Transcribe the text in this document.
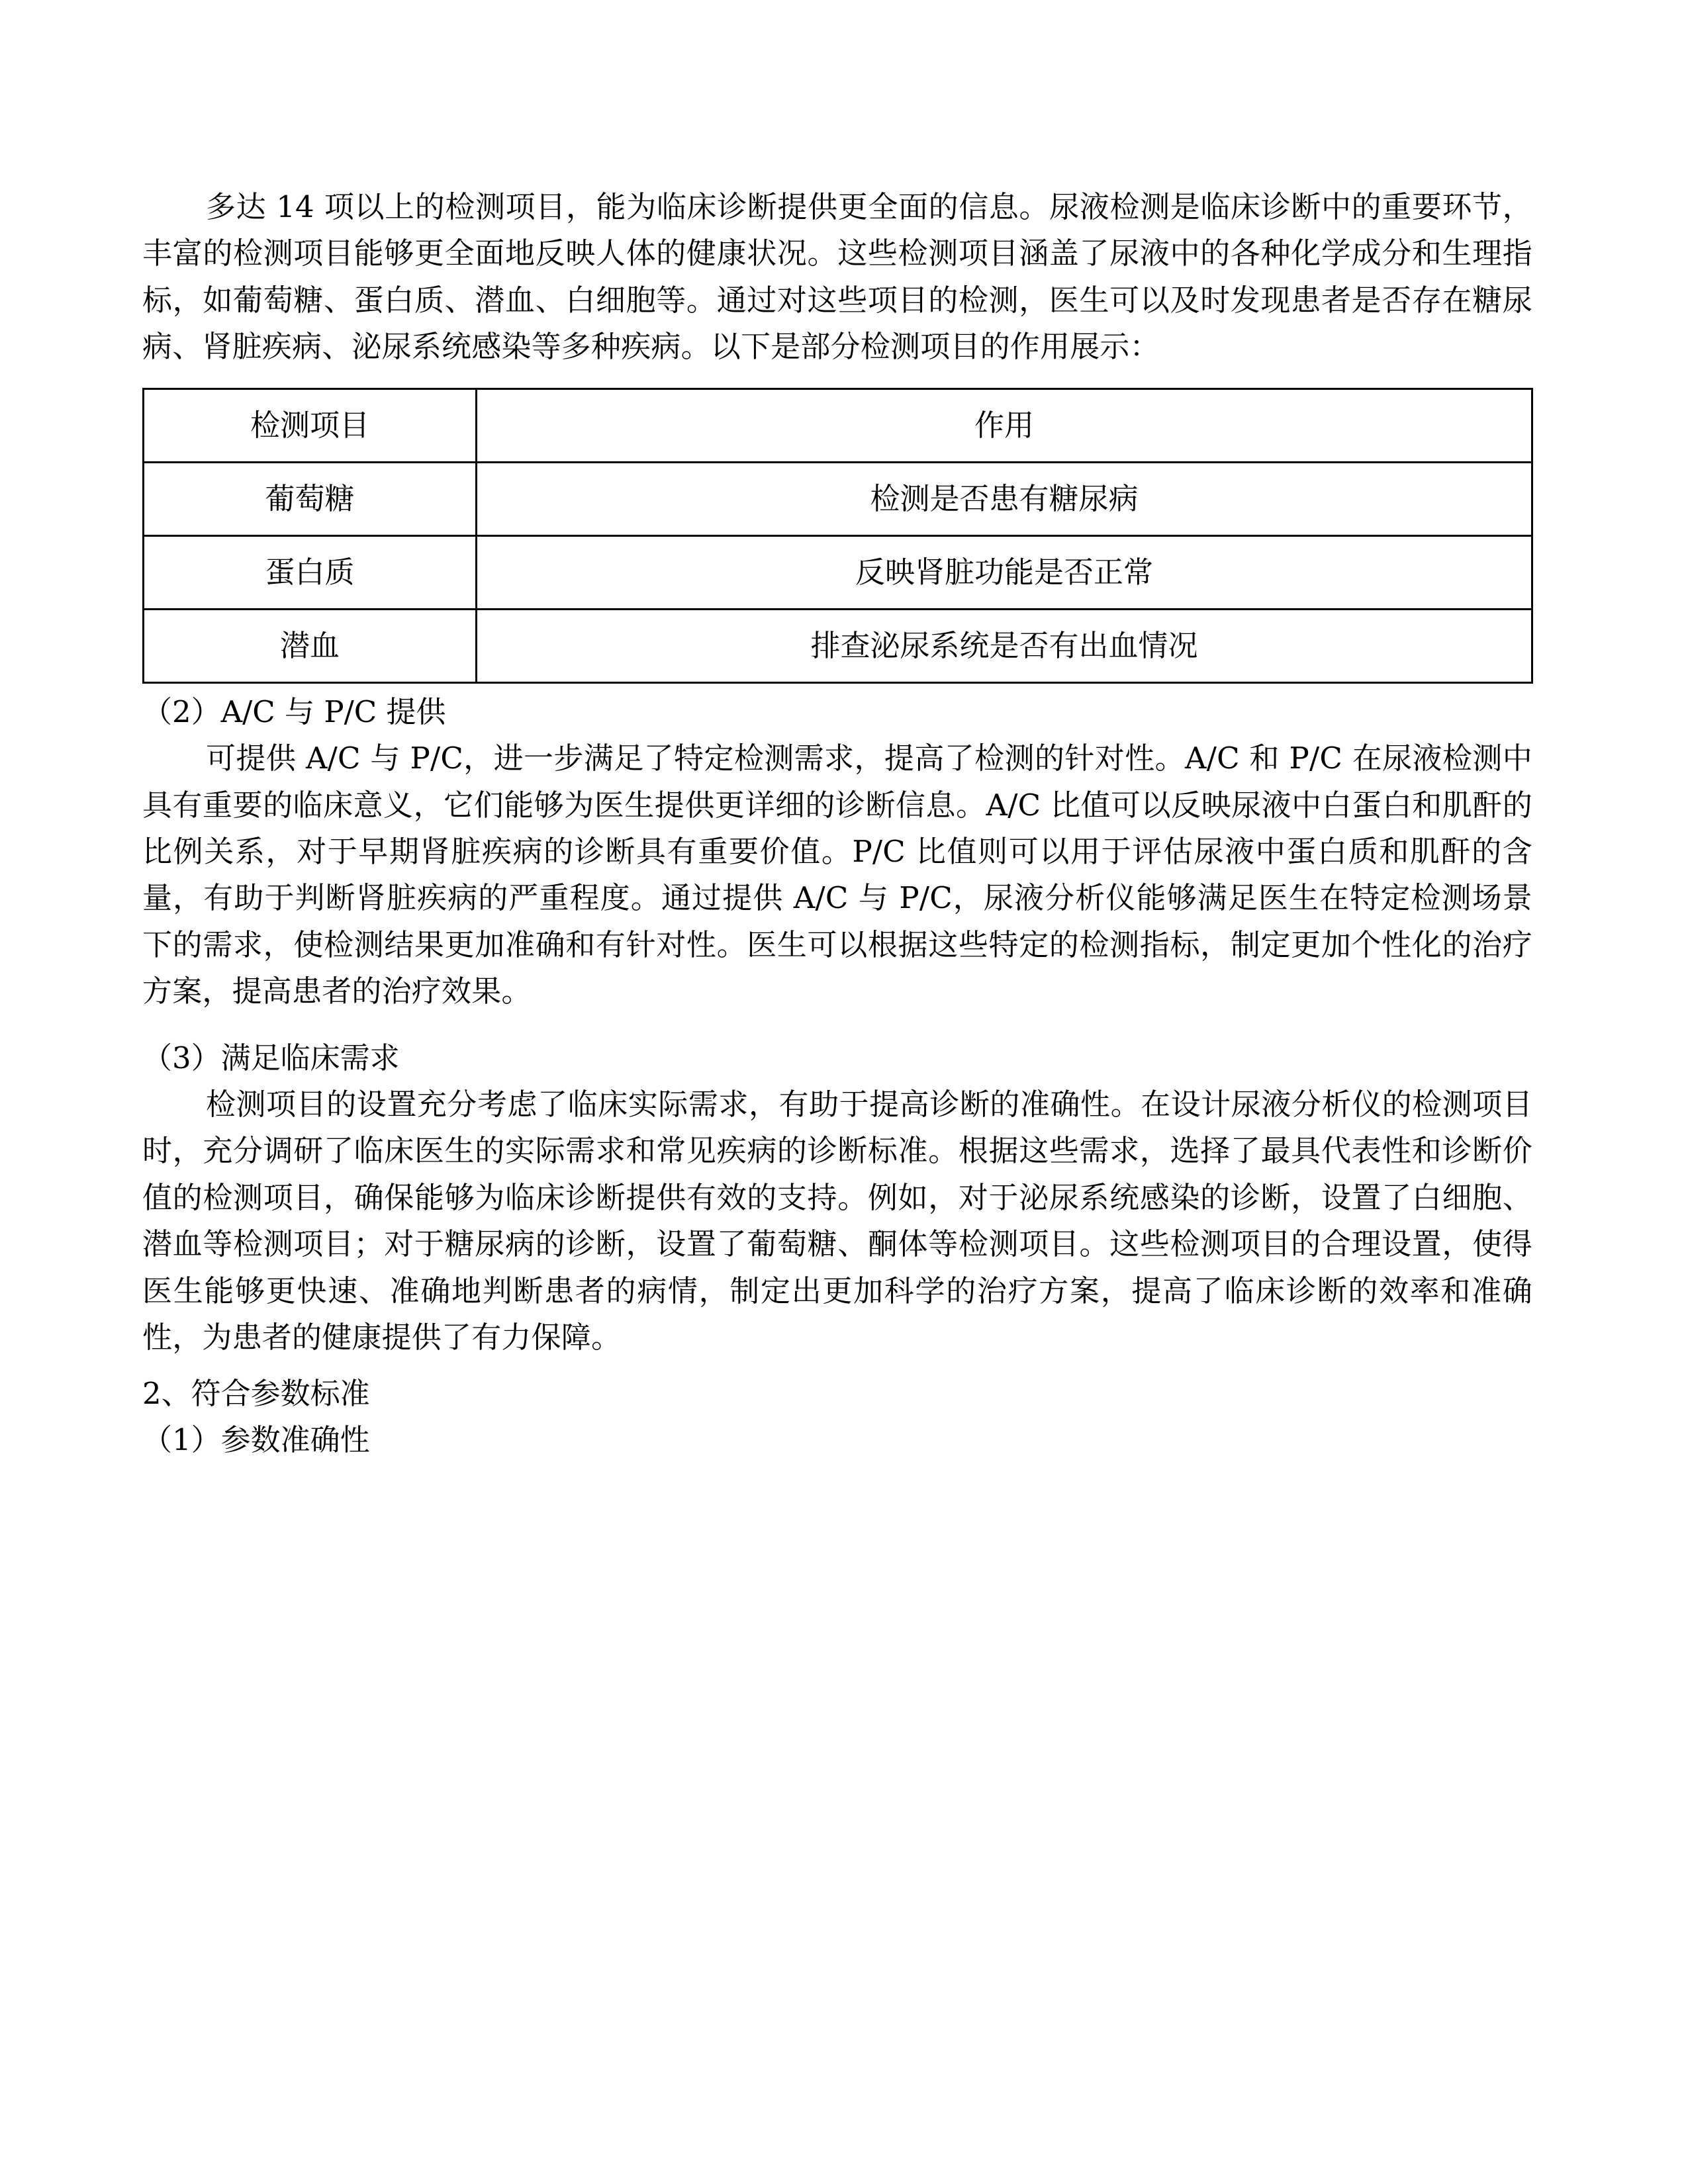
多达 14 项以上的检测项目，能为临床诊断提供更全面的信息。尿液检测是临床诊断中的重要环节，丰富的检测项目能够更全面地反映人体的健康状况。这些检测项目涵盖了尿液中的各种化学成分和生理指标，如葡萄糖、蛋白质、潜血、白细胞等。通过对这些项目的检测，医生可以及时发现患者是否存在糖尿病、肾脏疾病、泌尿系统感染等多种疾病。以下是部分检测项目的作用展示：

检测项目	作用
葡萄糖	检测是否患有糖尿病
蛋白质	反映肾脏功能是否正常
潜血	排查泌尿系统是否有出血情况

（2）A/C 与 P/C 提供

可提供 A/C 与 P/C，进一步满足了特定检测需求，提高了检测的针对性。A/C 和 P/C 在尿液检测中具有重要的临床意义，它们能够为医生提供更详细的诊断信息。A/C 比值可以反映尿液中白蛋白和肌酐的比例关系，对于早期肾脏疾病的诊断具有重要价值。P/C 比值则可以用于评估尿液中蛋白质和肌酐的含量，有助于判断肾脏疾病的严重程度。通过提供 A/C 与 P/C，尿液分析仪能够满足医生在特定检测场景下的需求，使检测结果更加准确和有针对性。医生可以根据这些特定的检测指标，制定更加个性化的治疗方案，提高患者的治疗效果。

（3）满足临床需求

检测项目的设置充分考虑了临床实际需求，有助于提高诊断的准确性。在设计尿液分析仪的检测项目时，充分调研了临床医生的实际需求和常见疾病的诊断标准。根据这些需求，选择了最具代表性和诊断价值的检测项目，确保能够为临床诊断提供有效的支持。例如，对于泌尿系统感染的诊断，设置了白细胞、潜血等检测项目；对于糖尿病的诊断，设置了葡萄糖、酮体等检测项目。这些检测项目的合理设置，使得医生能够更快速、准确地判断患者的病情，制定出更加科学的治疗方案，提高了临床诊断的效率和准确性，为患者的健康提供了有力保障。

2、符合参数标准

（1）参数准确性
